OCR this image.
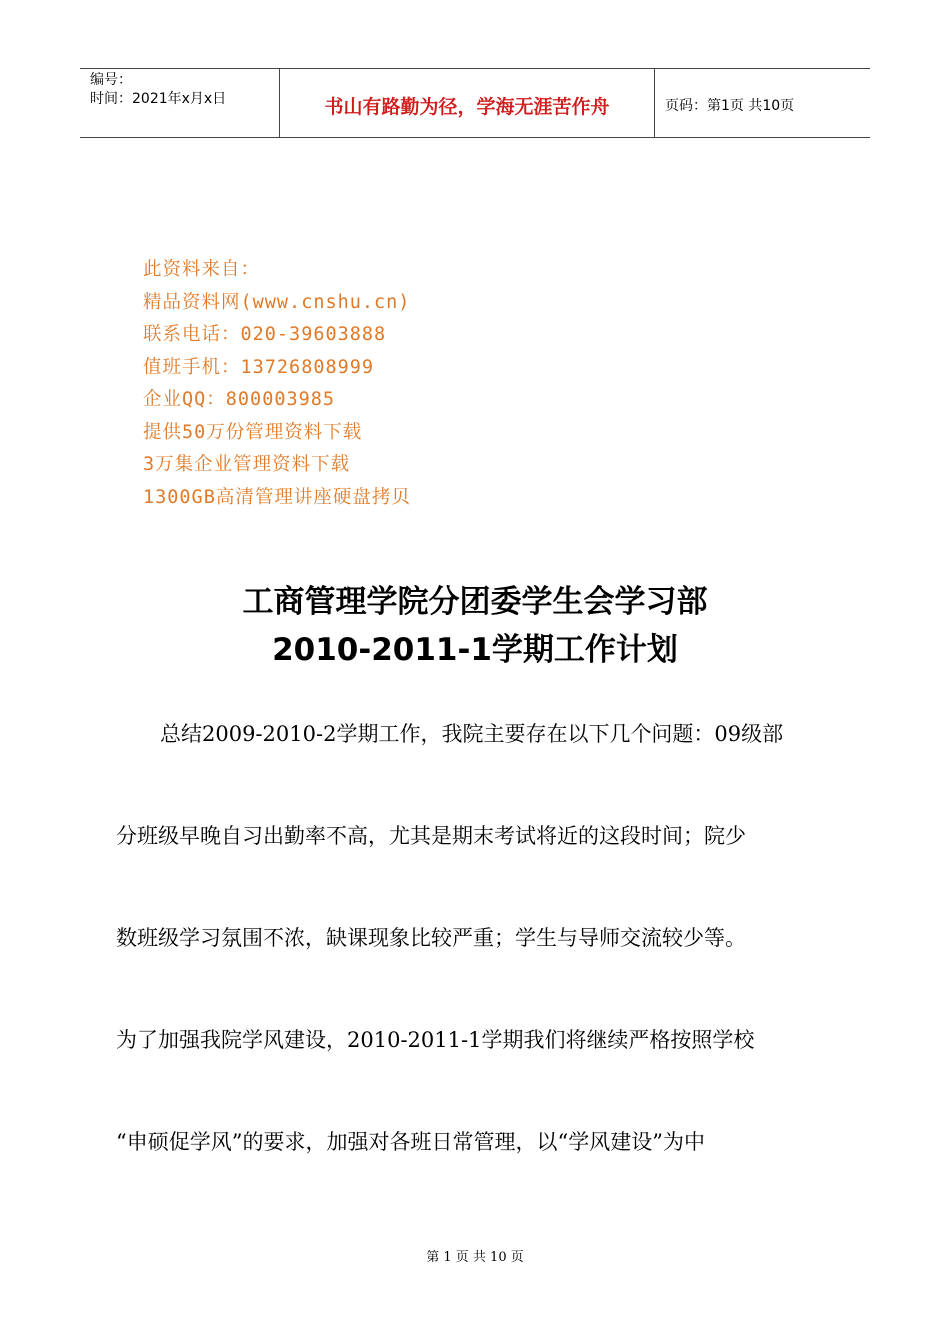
编号：
时间：2021年x月x日	书山有路勤为径，学海无涯苦作舟	页码：第1页 共10页
此资料来自：
精品资料网(www.cnshu.cn)
联系电话：020-39603888
值班手机：13726808999
企业QQ：800003985
提供50万份管理资料下载
3万集企业管理资料下载
1300GB高清管理讲座硬盘拷贝
工商管理学院分团委学生会学习部
2010-2011-1学期工作计划
总结2009-2010-2学期工作，我院主要存在以下几个问题：09级部
分班级早晚自习出勤率不高，尤其是期末考试将近的这段时间；院少
数班级学习氛围不浓，缺课现象比较严重；学生与导师交流较少等。
为了加强我院学风建设，2010-2011-1学期我们将继续严格按照学校
“申硕促学风”的要求，加强对各班日常管理，以“学风建设”为中
第 1 页 共 10 页
